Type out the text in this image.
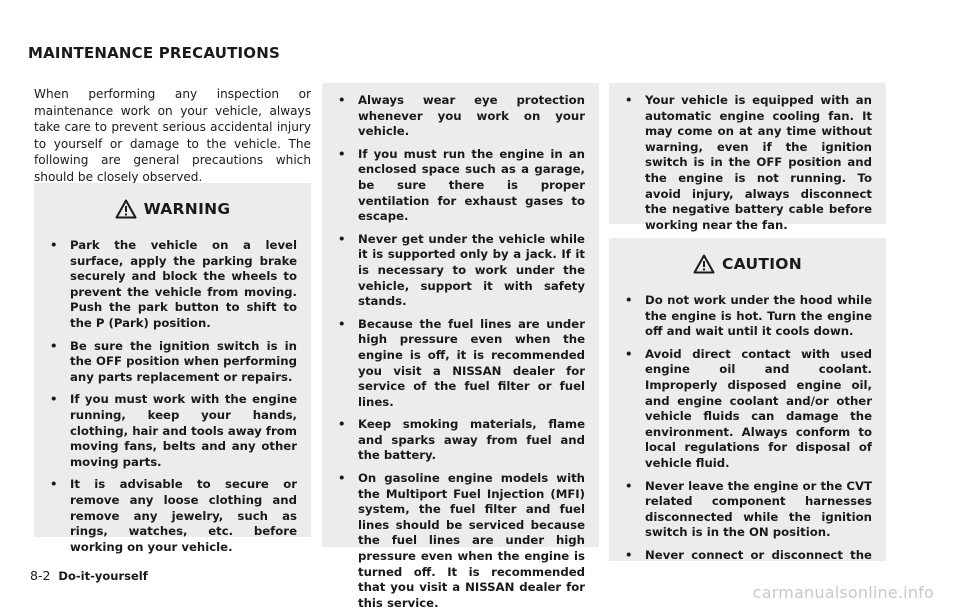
MAINTENANCE PRECAUTIONS
When performing any inspection or maintenance work on your vehicle, always take care to prevent serious accidental injury to yourself or damage to the vehicle. The following are general precautions which should be closely observed.
WARNING
• Park the vehicle on a level surface, apply the parking brake securely and block the wheels to prevent the vehicle from moving. Push the park button to shift to the P (Park) position.
• Be sure the ignition switch is in the OFF position when performing any parts replacement or repairs.
• If you must work with the engine running, keep your hands, clothing, hair and tools away from moving fans, belts and any other moving parts.
• It is advisable to secure or remove any loose clothing and remove any jewelry, such as rings, watches, etc. before working on your vehicle.
• Always wear eye protection whenever you work on your vehicle.
• If you must run the engine in an enclosed space such as a garage, be sure there is proper ventilation for exhaust gases to escape.
• Never get under the vehicle while it is supported only by a jack. If it is necessary to work under the vehicle, support it with safety stands.
• Because the fuel lines are under high pressure even when the engine is off, it is recommended you visit a NISSAN dealer for service of the fuel filter or fuel lines.
• Keep smoking materials, flame and sparks away from fuel and the battery.
• On gasoline engine models with the Multiport Fuel Injection (MFI) system, the fuel filter and fuel lines should be serviced because the fuel lines are under high pressure even when the engine is turned off. It is recommended that you visit a NISSAN dealer for this service.
• Your vehicle is equipped with an automatic engine cooling fan. It may come on at any time without warning, even if the ignition switch is in the OFF position and the engine is not running. To avoid injury, always disconnect the negative battery cable before working near the fan.
CAUTION
• Do not work under the hood while the engine is hot. Turn the engine off and wait until it cools down.
• Avoid direct contact with used engine oil and coolant. Improperly disposed engine oil, and engine coolant and/or other vehicle fluids can damage the environment. Always conform to local regulations for disposal of vehicle fluid.
• Never leave the engine or the CVT related component harnesses disconnected while the ignition switch is in the ON position.
• Never connect or disconnect the
8-2 Do-it-yourself
carmanualsonline.info
